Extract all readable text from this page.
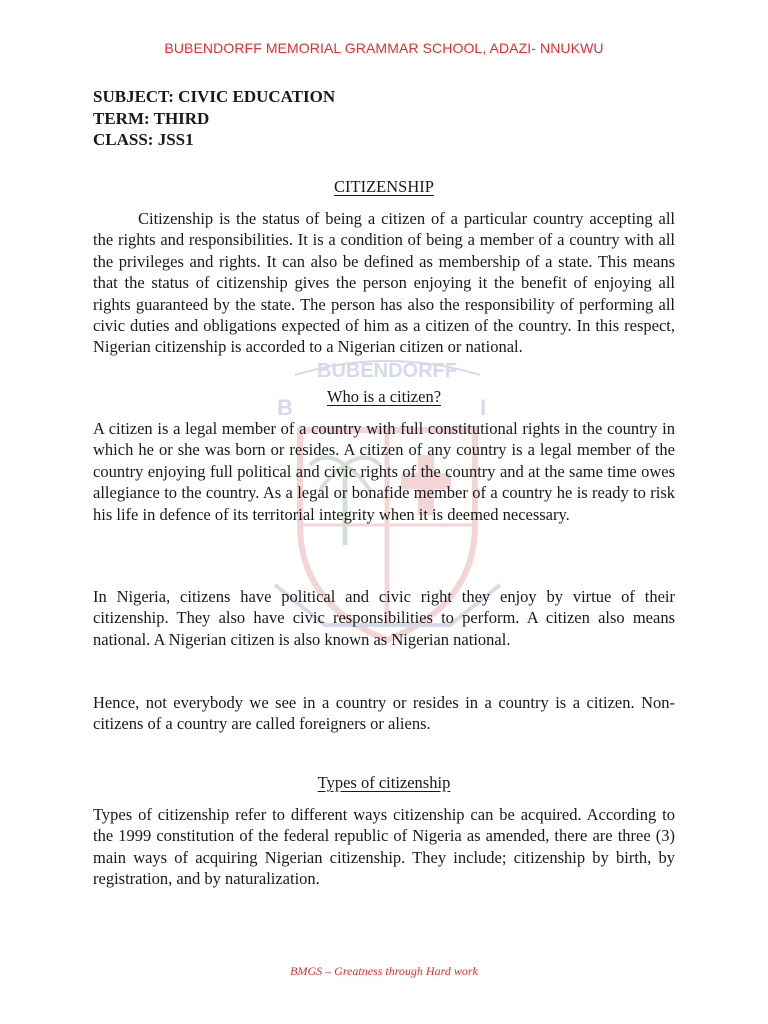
BUBENDORFF
B	I
BUBENDORFF MEMORIAL GRAMMAR SCHOOL, ADAZI- NNUKWU
SUBJECT: CIVIC EDUCATION
TERM: THIRD
CLASS: JSS1
CITIZENSHIP
Citizenship is the status of being a citizen of a particular country accepting all the rights and responsibilities. It is a condition of being a member of a country with all the privileges and rights. It can also be defined as membership of a state. This means that the status of citizenship gives the person enjoying it the benefit of enjoying all rights guaranteed by the state. The person has also the responsibility of performing all civic duties and obligations expected of him as a citizen of the country. In this respect, Nigerian citizenship is accorded to a Nigerian citizen or national.
Who is a citizen?
A citizen is a legal member of a country with full constitutional rights in the country in which he or she was born or resides. A citizen of any country is a legal member of the country enjoying full political and civic rights of the country and at the same time owes allegiance to the country. As a legal or bonafide member of a country he is ready to risk his life in defence of its territorial integrity when it is deemed necessary.
In Nigeria, citizens have political and civic right they enjoy by virtue of their citizenship. They also have civic responsibilities to perform. A citizen also means national. A Nigerian citizen is also known as Nigerian national.
Hence, not everybody we see in a country or resides in a country is a citizen. Non-citizens of a country are called foreigners or aliens.
Types of citizenship
Types of citizenship refer to different ways citizenship can be acquired. According to the 1999 constitution of the federal republic of Nigeria as amended, there are three (3) main ways of acquiring Nigerian citizenship. They include; citizenship by birth, by registration, and by naturalization.
BMGS – Greatness through Hard work
